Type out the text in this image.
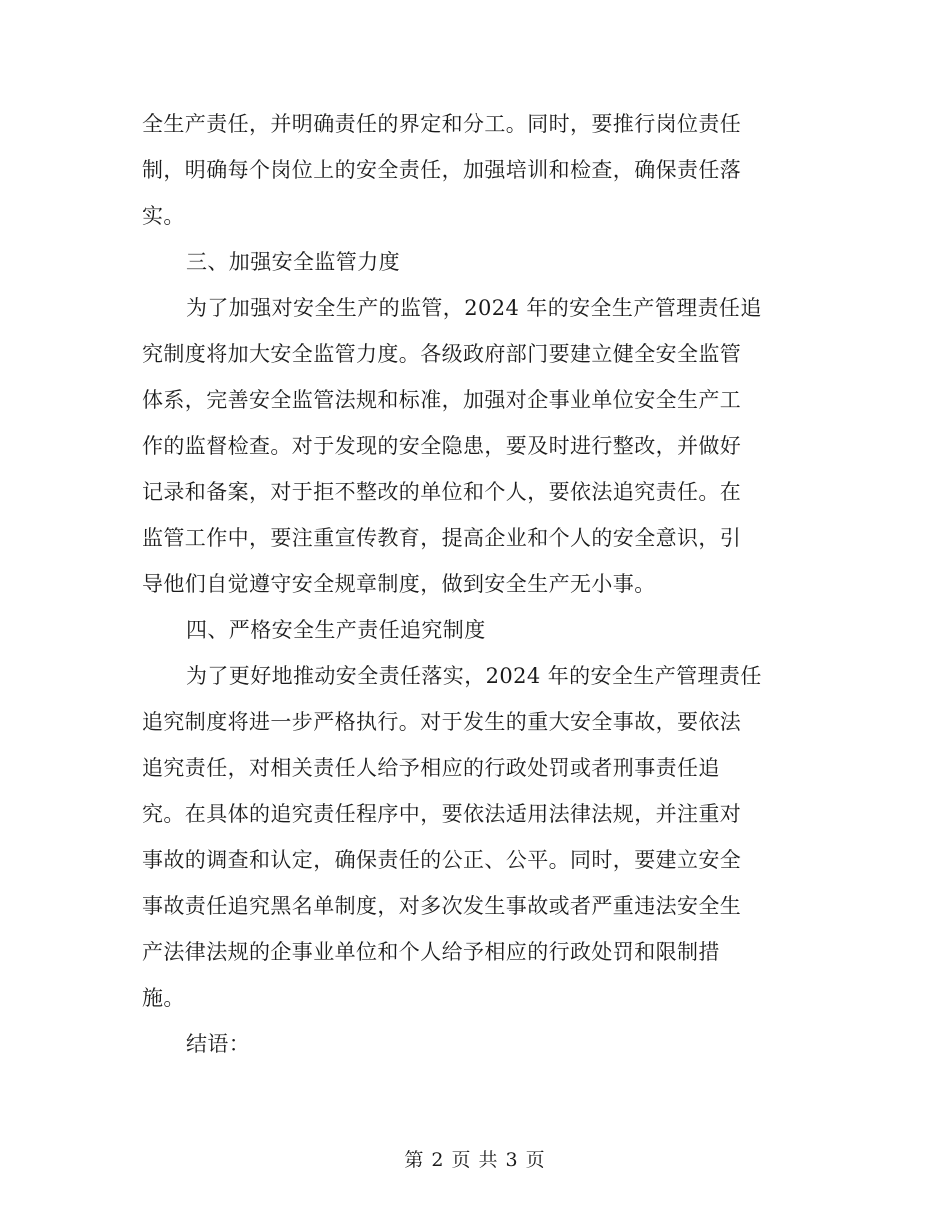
全生产责任，并明确责任的界定和分工。同时，要推行岗位责任
制，明确每个岗位上的安全责任，加强培训和检查，确保责任落
实。
三、加强安全监管力度
为了加强对安全生产的监管，2024 年的安全生产管理责任追
究制度将加大安全监管力度。各级政府部门要建立健全安全监管
体系，完善安全监管法规和标准，加强对企事业单位安全生产工
作的监督检查。对于发现的安全隐患，要及时进行整改，并做好
记录和备案，对于拒不整改的单位和个人，要依法追究责任。在
监管工作中，要注重宣传教育，提高企业和个人的安全意识，引
导他们自觉遵守安全规章制度，做到安全生产无小事。
四、严格安全生产责任追究制度
为了更好地推动安全责任落实，2024 年的安全生产管理责任
追究制度将进一步严格执行。对于发生的重大安全事故，要依法
追究责任，对相关责任人给予相应的行政处罚或者刑事责任追
究。在具体的追究责任程序中，要依法适用法律法规，并注重对
事故的调查和认定，确保责任的公正、公平。同时，要建立安全
事故责任追究黑名单制度，对多次发生事故或者严重违法安全生
产法律法规的企事业单位和个人给予相应的行政处罚和限制措
施。
结语：
第 2 页 共 3 页
